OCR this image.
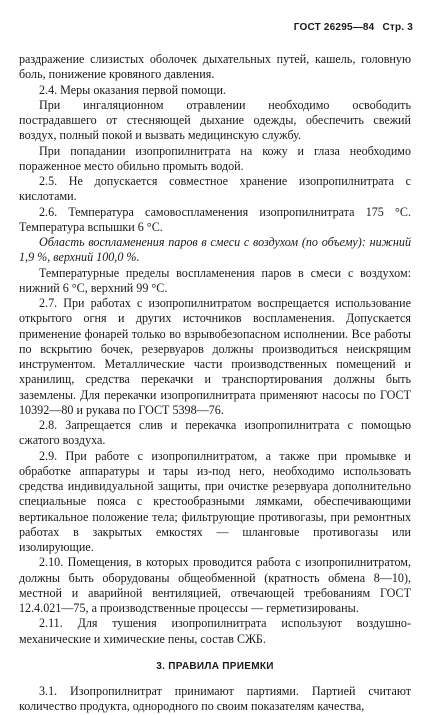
ГОСТ 26295—84 Стр. 3

раздражение слизистых оболочек дыхательных путей, кашель, головную боль, понижение кровяного давления.

2.4. Меры оказания первой помощи.

При ингаляционном отравлении необходимо освободить пострадавшего от стесняющей дыхание одежды, обеспечить свежий воздух, полный покой и вызвать медицинскую службу.

При попадании изопропилнитрата на кожу и глаза необходимо пораженное место обильно промыть водой.

2.5. Не допускается совместное хранение изопропилнитрата с кислотами.

2.6. Температура самовоспламенения изопропилнитрата 175 °С. Температура вспышки 6 °С.

Область воспламенения паров в смеси с воздухом (по объему): нижний 1,9 %, верхний 100,0 %.

Температурные пределы воспламенения паров в смеси с воздухом: нижний 6 °С, верхний 99 °С.

2.7. При работах с изопропилнитратом воспрещается использование открытого огня и других источников воспламенения. Допускается применение фонарей только во взрывобезопасном исполнении. Все работы по вскрытию бочек, резервуаров должны производиться неискрящим инструментом. Металлические части производственных помещений и хранилищ, средства перекачки и транспортирования должны быть заземлены. Для перекачки изопропилнитрата применяют насосы по ГОСТ 10392—80 и рукава по ГОСТ 5398—76.

2.8. Запрещается слив и перекачка изопропилнитрата с помощью сжатого воздуха.

2.9. При работе с изопропилнитратом, а также при промывке и обработке аппаратуры и тары из-под него, необходимо использовать средства индивидуальной защиты, при очистке резервуара дополнительно специальные пояса с крестообразными лямками, обеспечивающими вертикальное положение тела; фильтрующие противогазы, при ремонтных работах в закрытых емкостях — шланговые противогазы или изолирующие.

2.10. Помещения, в которых проводится работа с изопропилнитратом, должны быть оборудованы общеобменной (кратность обмена 8—10), местной и аварийной вентиляцией, отвечающей требованиям ГОСТ 12.4.021—75, а производственные процессы — герметизированы.

2.11. Для тушения изопропилнитрата используют воздушно-механические и химические пены, состав СЖБ.

3. ПРАВИЛА ПРИЕМКИ

3.1. Изопропилнитрат принимают партиями. Партией считают количество продукта, однородного по своим показателям качества,
